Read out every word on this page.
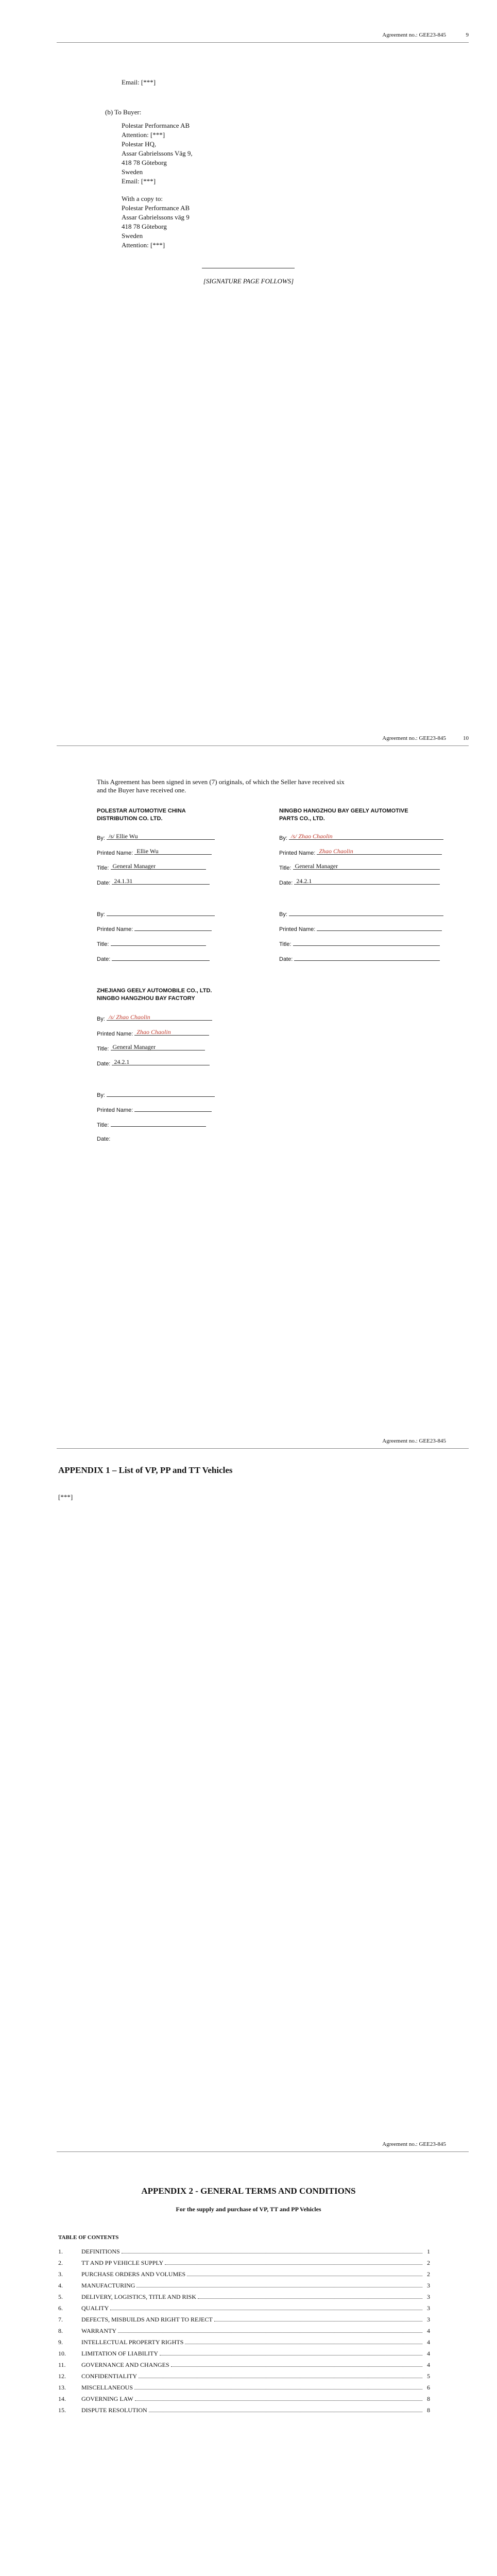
Agreement no.: GEE23-845	9
Email: [***]
(b) To Buyer:
Polestar Performance AB
Attention: [***]
Polestar HQ,
Assar Gabrielssons Väg 9,
418 78 Göteborg
Sweden
Email: [***]
With a copy to:
Polestar Performance AB
Assar Gabrielssons väg 9
418 78 Göteborg
Sweden
Attention: [***]
[SIGNATURE PAGE FOLLOWS]
Agreement no.: GEE23-845	10
This Agreement has been signed in seven (7) originals, of which the Seller have received six
and the Buyer have received one.
POLESTAR AUTOMOTIVE CHINA
DISTRIBUTION CO. LTD.
NINGBO HANGZHOU BAY GEELY AUTOMOTIVE
PARTS CO., LTD.
By: /s/ Ellie Wu
Printed Name: Ellie Wu
Title: General Manager
Date: 24.1.31
By: /s/ Zhao Chaolin
Printed Name: Zhao Chaolin
Title: General Manager
Date: 24.2.1
By:
Printed Name:
Title:
Date:
By:
Printed Name:
Title:
Date:
ZHEJIANG GEELY AUTOMOBILE CO., LTD.
NINGBO HANGZHOU BAY FACTORY
By: /s/ Zhao Chaolin
Printed Name: Zhao Chaolin
Title: General Manager
Date: 24.2.1
By:
Printed Name:
Title:
Date:
Agreement no.: GEE23-845
APPENDIX 1 – List of VP, PP and TT Vehicles
[***]
Agreement no.: GEE23-845
APPENDIX 2 - GENERAL TERMS AND CONDITIONS
For the supply and purchase of VP, TT and PP Vehicles
TABLE OF CONTENTS
1.	DEFINITIONS	1
2.	TT AND PP VEHICLE SUPPLY	2
3.	PURCHASE ORDERS AND VOLUMES	2
4.	MANUFACTURING	3
5.	DELIVERY, LOGISTICS, TITLE AND RISK	3
6.	QUALITY	3
7.	DEFECTS, MISBUILDS AND RIGHT TO REJECT	3
8.	WARRANTY	4
9.	INTELLECTUAL PROPERTY RIGHTS	4
10.	LIMITATION OF LIABILITY	4
11.	GOVERNANCE AND CHANGES	4
12.	CONFIDENTIALITY	5
13.	MISCELLANEOUS	6
14.	GOVERNING LAW	8
15.	DISPUTE RESOLUTION	8
